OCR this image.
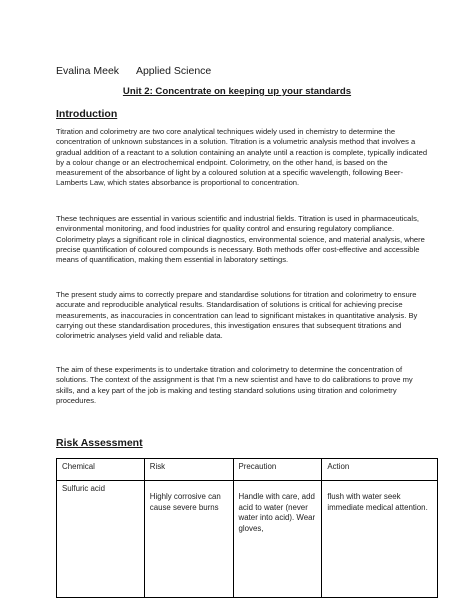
Evalina Meek Applied Science
Unit 2: Concentrate on keeping up your standards
Introduction

Titration and colorimetry are two core analytical techniques widely used in chemistry to determine the concentration of unknown substances in a solution. Titration is a volumetric analysis method that involves a gradual addition of a reactant to a solution containing an analyte until a reaction is complete, typically indicated by a colour change or an electrochemical endpoint. Colorimetry, on the other hand, is based on the measurement of the absorbance of light by a coloured solution at a specific wavelength, following Beer-Lamberts Law, which states absorbance is proportional to concentration.

These techniques are essential in various scientific and industrial fields. Titration is used in pharmaceuticals, environmental monitoring, and food industries for quality control and ensuring regulatory compliance. Colorimetry plays a significant role in clinical diagnostics, environmental science, and material analysis, where precise quantification of coloured compounds is necessary. Both methods offer cost-effective and accessible means of quantification, making them essential in laboratory settings.

The present study aims to correctly prepare and standardise solutions for titration and colorimetry to ensure accurate and reproducible analytical results. Standardisation of solutions is critical for achieving precise measurements, as inaccuracies in concentration can lead to significant mistakes in quantitative analysis. By carrying out these standardisation procedures, this investigation ensures that subsequent titrations and colorimetric analyses yield valid and reliable data.

The aim of these experiments is to undertake titration and colorimetry to determine the concentration of solutions. The context of the assignment is that I'm a new scientist and have to do calibrations to prove my skills, and a key part of the job is making and testing standard solutions using titration and colorimetry procedures.

Risk Assessment
Chemical	Risk	Precaution	Action

Sulfuric acid	Highly corrosive can cause severe burns	Handle with care, add acid to water (never water into acid). Wear gloves,	flush with water seek immediate medical attention.
